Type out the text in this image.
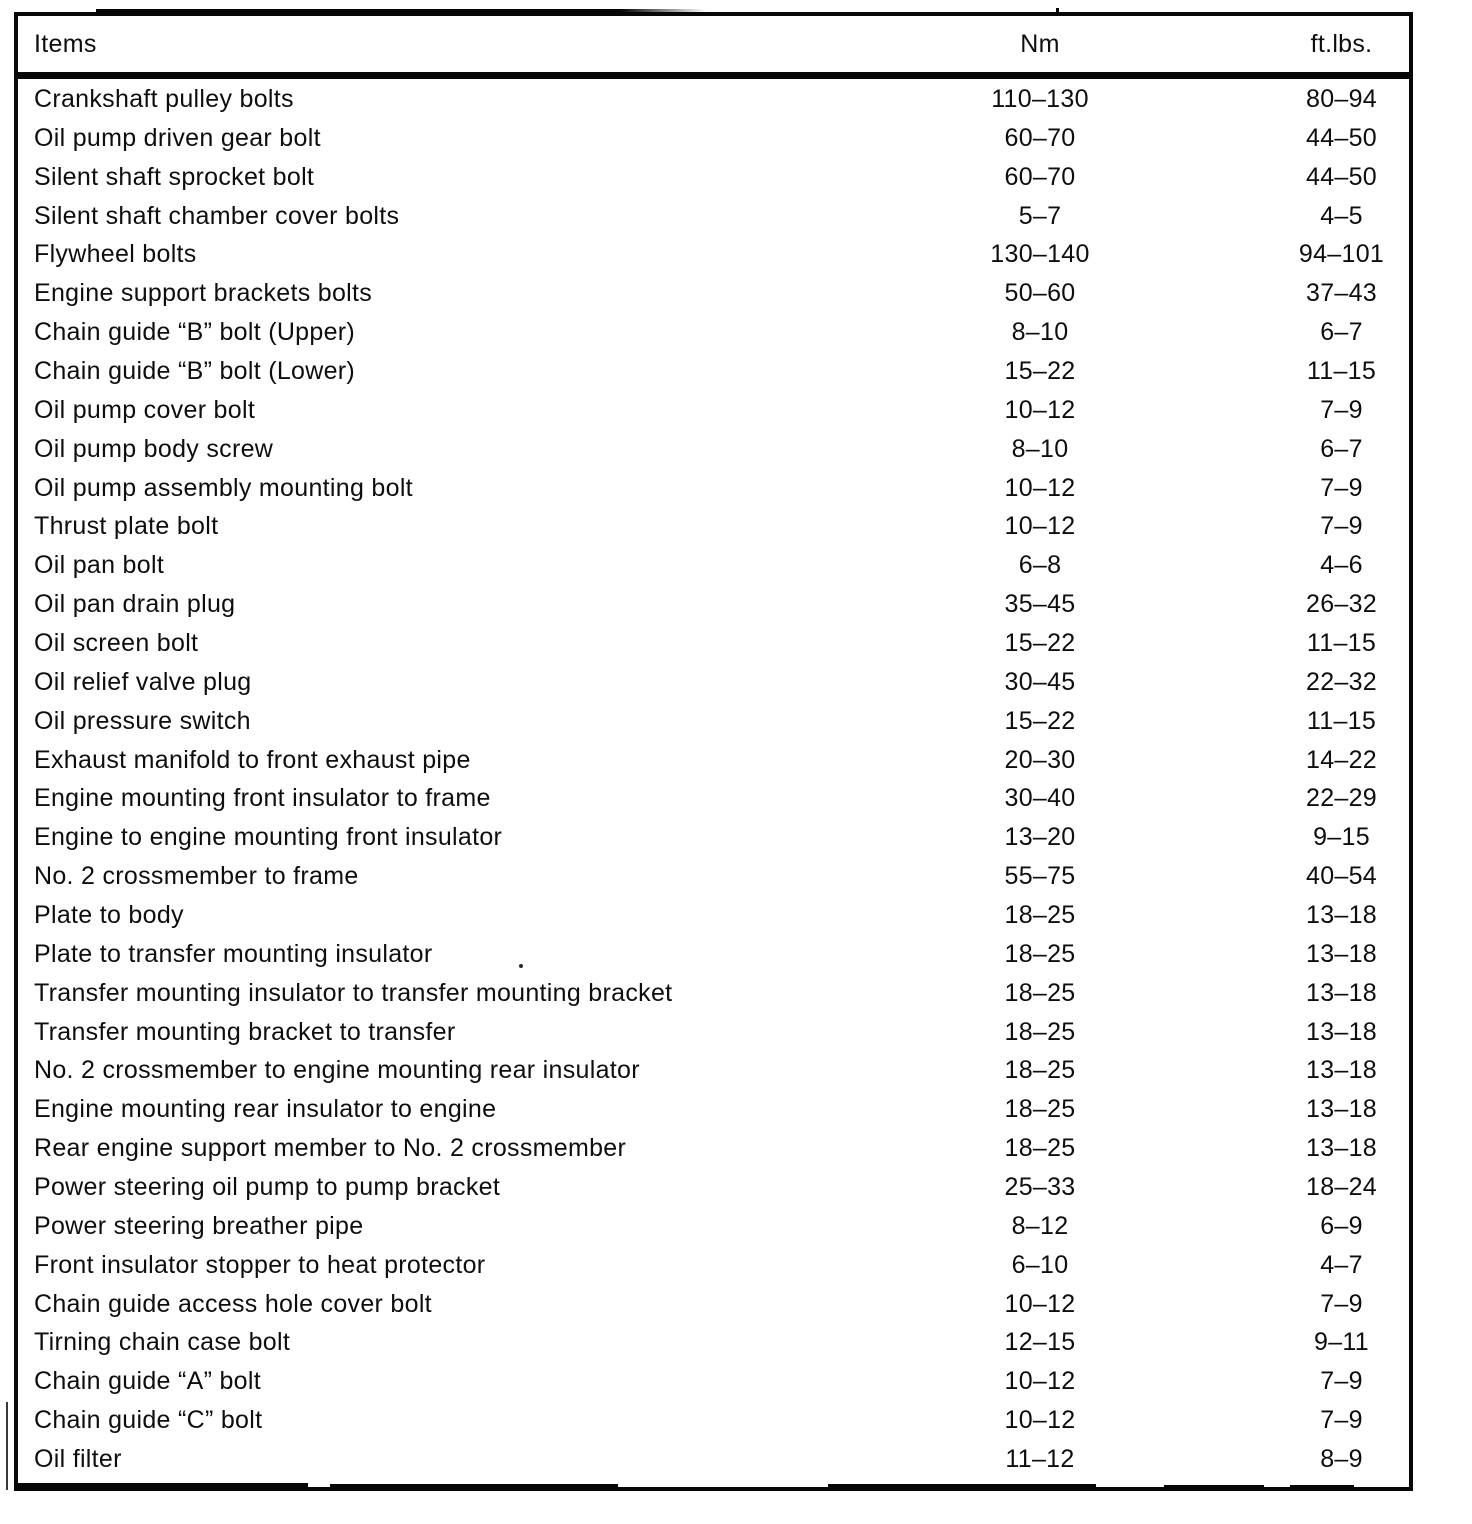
Items	Nm	ft.lbs.
Crankshaft pulley bolts	110–130	80–94
Oil pump driven gear bolt	60–70	44–50
Silent shaft sprocket bolt	60–70	44–50
Silent shaft chamber cover bolts	5–7	4–5
Flywheel bolts	130–140	94–101
Engine support brackets bolts	50–60	37–43
Chain guide “B” bolt (Upper)	8–10	6–7
Chain guide “B” bolt (Lower)	15–22	11–15
Oil pump cover bolt	10–12	7–9
Oil pump body screw	8–10	6–7
Oil pump assembly mounting bolt	10–12	7–9
Thrust plate bolt	10–12	7–9
Oil pan bolt	6–8	4–6
Oil pan drain plug	35–45	26–32
Oil screen bolt	15–22	11–15
Oil relief valve plug	30–45	22–32
Oil pressure switch	15–22	11–15
Exhaust manifold to front exhaust pipe	20–30	14–22
Engine mounting front insulator to frame	30–40	22–29
Engine to engine mounting front insulator	13–20	9–15
No. 2 crossmember to frame	55–75	40–54
Plate to body	18–25	13–18
Plate to transfer mounting insulator	18–25	13–18
Transfer mounting insulator to transfer mounting bracket	18–25	13–18
Transfer mounting bracket to transfer	18–25	13–18
No. 2 crossmember to engine mounting rear insulator	18–25	13–18
Engine mounting rear insulator to engine	18–25	13–18
Rear engine support member to No. 2 crossmember	18–25	13–18
Power steering oil pump to pump bracket	25–33	18–24
Power steering breather pipe	8–12	6–9
Front insulator stopper to heat protector	6–10	4–7
Chain guide access hole cover bolt	10–12	7–9
Tirning chain case bolt	12–15	9–11
Chain guide “A” bolt	10–12	7–9
Chain guide “C” bolt	10–12	7–9
Oil filter	11–12	8–9
